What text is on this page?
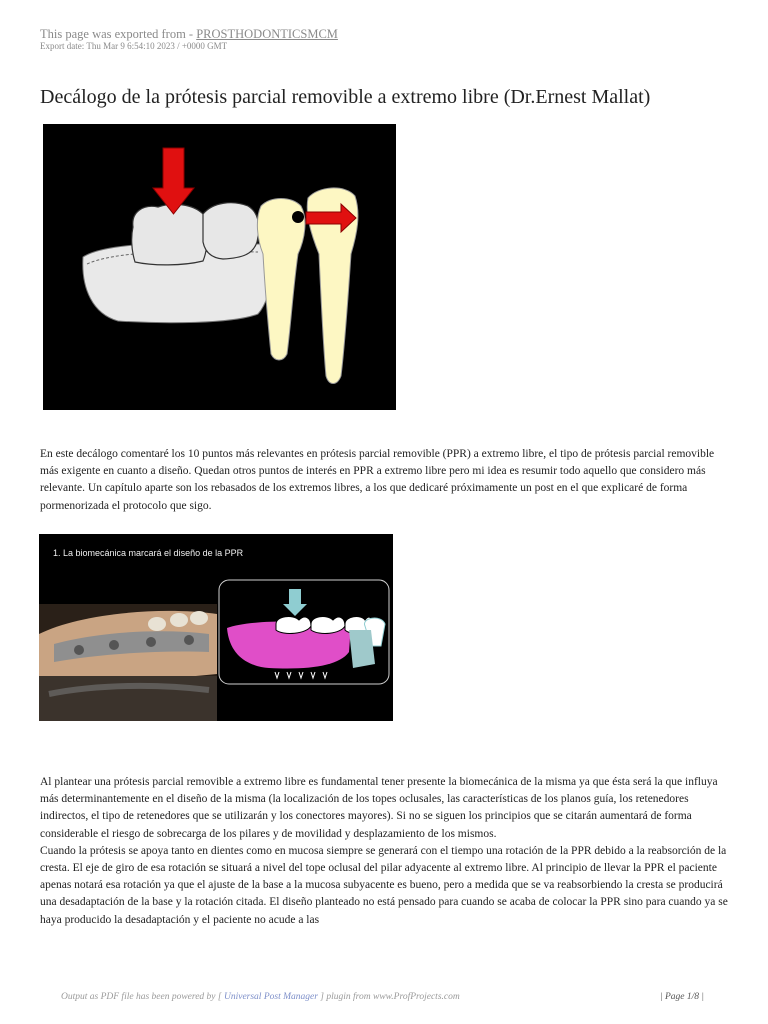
This page was exported from - PROSTHODONTICSMCM
Export date: Thu Mar 9 6:54:10 2023 / +0000 GMT
Decálogo de la prótesis parcial removible a extremo libre (Dr.Ernest Mallat)

En este decálogo comentaré los 10 puntos más relevantes en prótesis parcial removible (PPR) a extremo libre, el tipo de prótesis parcial removible más exigente en cuanto a diseño. Quedan otros puntos de interés en PPR a extremo libre pero mi idea es resumir todo aquello que considero más relevante. Un capítulo aparte son los rebasados de los extremos libres, a los que dedicaré próximamente un post en el que explicaré de forma pormenorizada el protocolo que sigo.

1. La biomecánica marcará el diseño de la PPR

Al plantear una prótesis parcial removible a extremo libre es fundamental tener presente la biomecánica de la misma ya que ésta será la que influya más determinantemente en el diseño de la misma (la localización de los topes oclusales, las características de los planos guía, los retenedores indirectos, el tipo de retenedores que se utilizarán y los conectores mayores). Si no se siguen los principios que se citarán aumentará de forma considerable el riesgo de sobrecarga de los pilares y de movilidad y desplazamiento de los mismos.

Cuando la prótesis se apoya tanto en dientes como en mucosa siempre se generará con el tiempo una rotación de la PPR debido a la reabsorción de la cresta. El eje de giro de esa rotación se situará a nivel del tope oclusal del pilar adyacente al extremo libre. Al principio de llevar la PPR el paciente apenas notará esa rotación ya que el ajuste de la base a la mucosa subyacente es bueno, pero a medida que se va reabsorbiendo la cresta se producirá una desadaptación de la base y la rotación citada. El diseño planteado no está pensado para cuando se acaba de colocar la PPR sino para cuando ya se haya producido la desadaptación y el paciente no acude a las

Output as PDF file has been powered by [ Universal Post Manager ] plugin from www.ProfProjects.com	| Page 1/8 |
